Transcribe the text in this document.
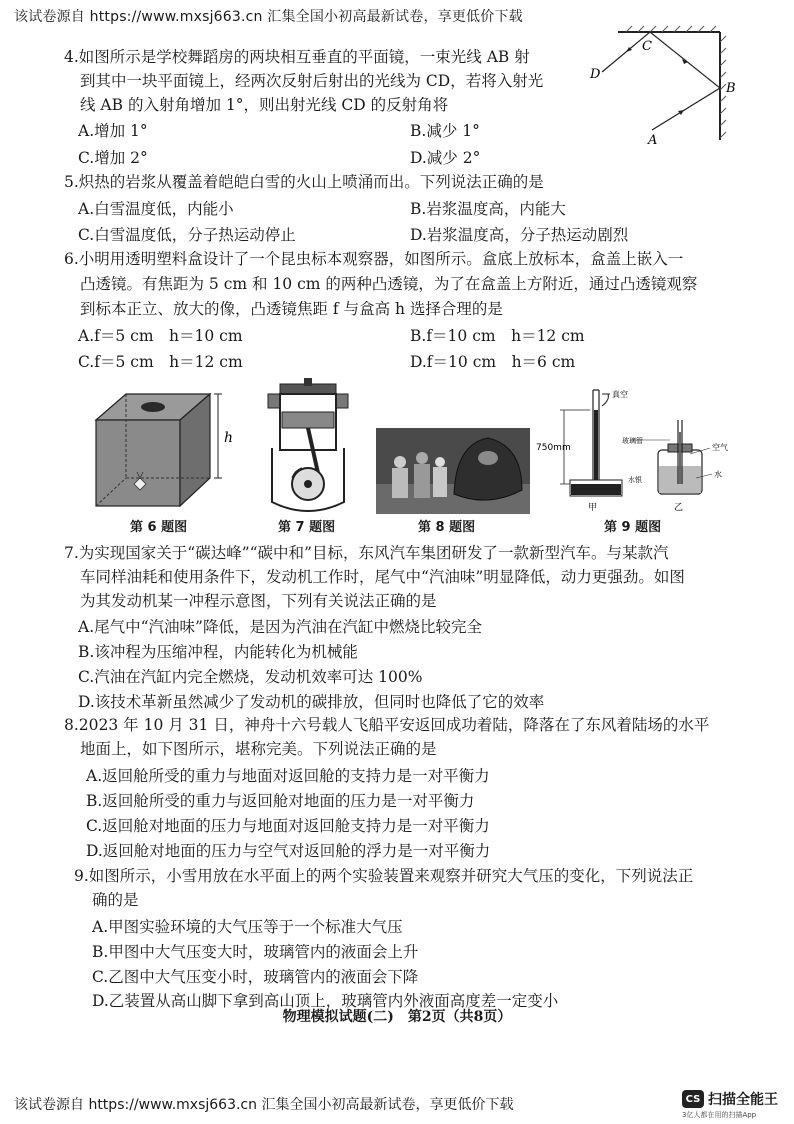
该试卷源自 https://www.mxsj663.cn 汇集全国小初高最新试卷，享更低价下载
4.如图所示是学校舞蹈房的两块相互垂直的平面镜，一束光线 AB 射
到其中一块平面镜上，经两次反射后射出的光线为 CD，若将入射光
线 AB 的入射角增加 1°，则出射光线 CD 的反射角将
A.增加 1°	B.减少 1°
C.增加 2°	D.减少 2°
D
C
B
A
5.炽热的岩浆从覆盖着皑皑白雪的火山上喷涌而出。下列说法正确的是
A.白雪温度低，内能小	B.岩浆温度高，内能大
C.白雪温度低，分子热运动停止	D.岩浆温度高，分子热运动剧烈
6.小明用透明塑料盒设计了一个昆虫标本观察器，如图所示。盒底上放标本，盒盖上嵌入一
凸透镜。有焦距为 5 cm 和 10 cm 的两种凸透镜，为了在盒盖上方附近，通过凸透镜观察
到标本正立、放大的像，凸透镜焦距 f 与盒高 h 选择合理的是
A.f＝5 cm　h＝10 cm	B.f＝10 cm　h＝12 cm
C.f＝5 cm　h＝12 cm	D.f＝10 cm　h＝6 cm
h
第 6 题图	第 7 题图	第 8 题图
真空
750mm
水银
甲
玻璃管
空气
水
乙
第 9 题图
7.为实现国家关于“碳达峰”“碳中和”目标，东风汽车集团研发了一款新型汽车。与某款汽
车同样油耗和使用条件下，发动机工作时，尾气中“汽油味”明显降低，动力更强劲。如图
为其发动机某一冲程示意图，下列有关说法正确的是
A.尾气中“汽油味”降低，是因为汽油在汽缸中燃烧比较完全
B.该冲程为压缩冲程，内能转化为机械能
C.汽油在汽缸内完全燃烧，发动机效率可达 100%
D.该技术革新虽然减少了发动机的碳排放，但同时也降低了它的效率
8.2023 年 10 月 31 日，神舟十六号载人飞船平安返回成功着陆，降落在了东风着陆场的水平
地面上，如下图所示，堪称完美。下列说法正确的是
A.返回舱所受的重力与地面对返回舱的支持力是一对平衡力
B.返回舱所受的重力与返回舱对地面的压力是一对平衡力
C.返回舱对地面的压力与地面对返回舱支持力是一对平衡力
D.返回舱对地面的压力与空气对返回舱的浮力是一对平衡力
9.如图所示，小雪用放在水平面上的两个实验装置来观察并研究大气压的变化，下列说法正
确的是
A.甲图实验环境的大气压等于一个标准大气压
B.甲图中大气压变大时，玻璃管内的液面会上升
C.乙图中大气压变小时，玻璃管内的液面会下降
D.乙装置从高山脚下拿到高山顶上，玻璃管内外液面高度差一定变小
物理模拟试题(二)　第2页（共8页）
该试卷源自 https://www.mxsj663.cn 汇集全国小初高最新试卷，享更低价下载	CS 扫描全能王
3亿人都在用的扫描App
